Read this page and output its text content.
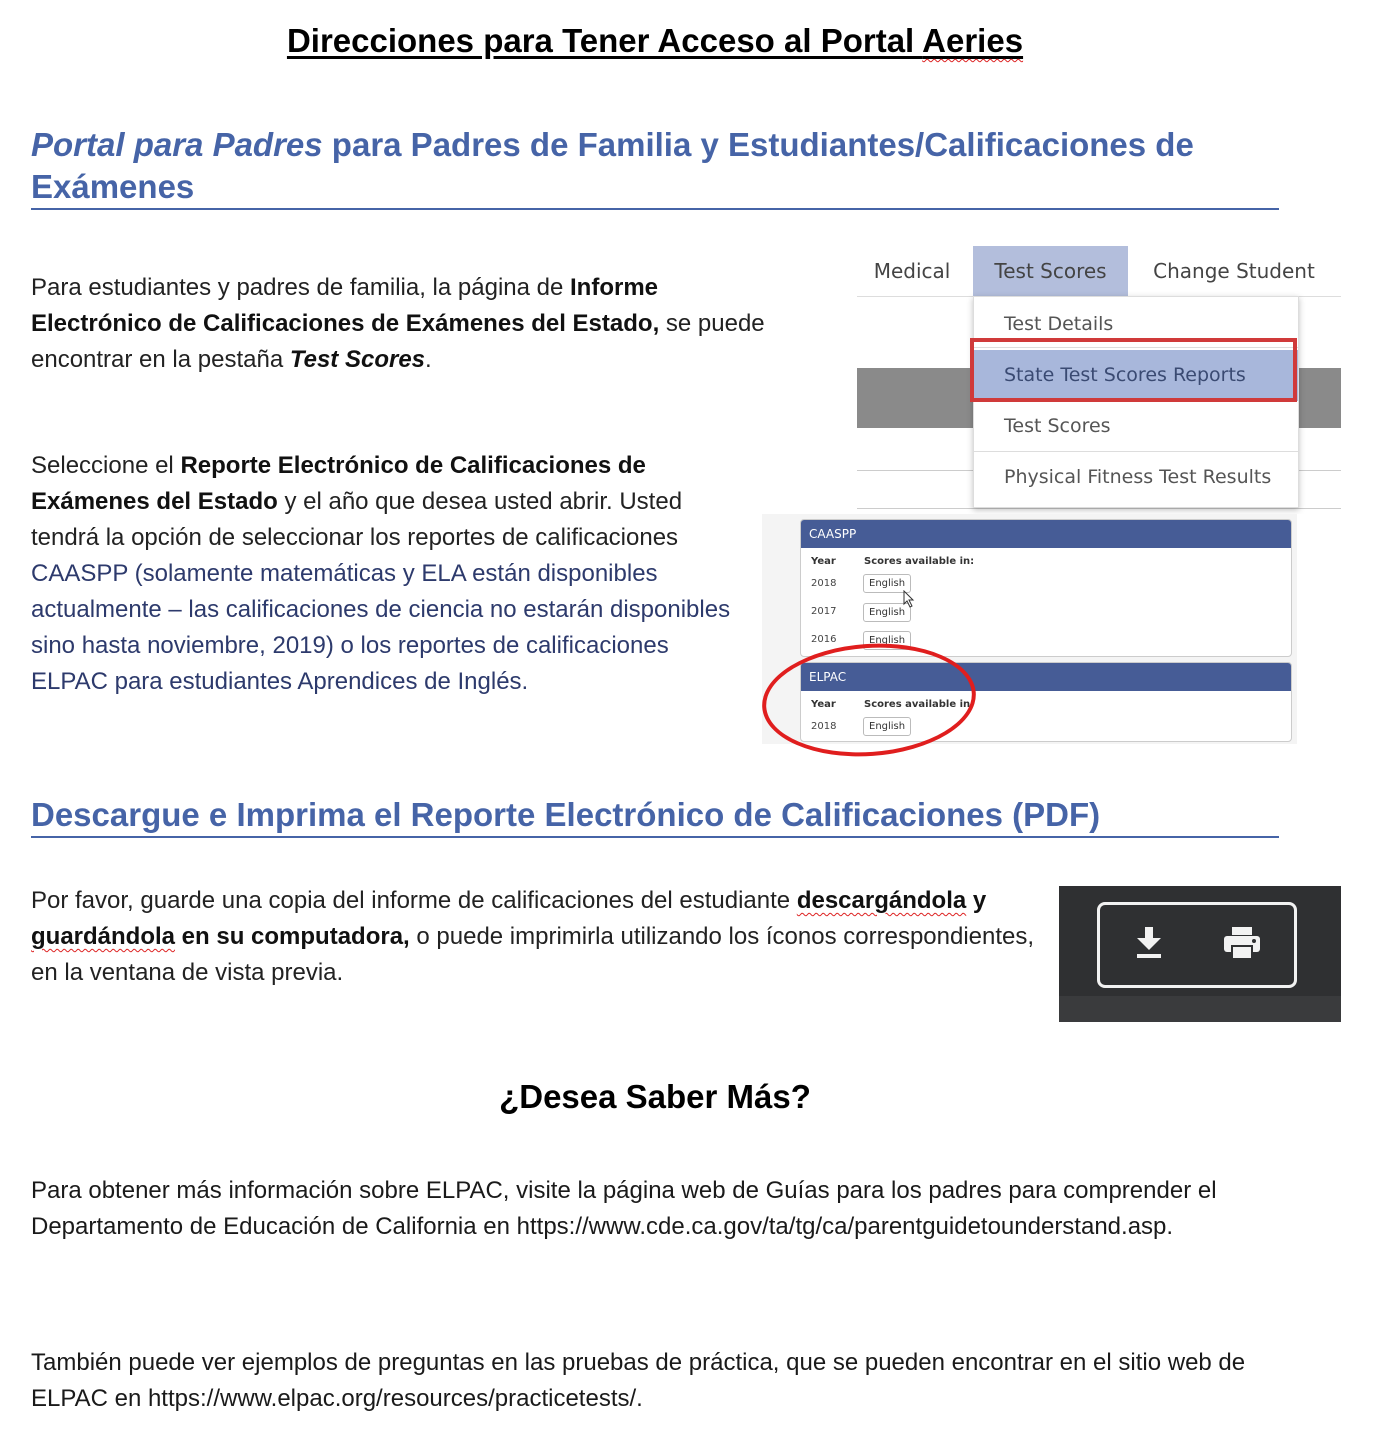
Direcciones para Tener Acceso al Portal Aeries
Portal para Padres para Padres de Familia y Estudiantes/Calificaciones de Exámenes
Para estudiantes y padres de familia, la página de Informe Electrónico de Calificaciones de Exámenes del Estado, se puede encontrar en la pestaña Test Scores.
Seleccione el Reporte Electrónico de Calificaciones de Exámenes del Estado y el año que desea usted abrir. Usted tendrá la opción de seleccionar los reportes de calificaciones CAASPP (solamente matemáticas y ELA están disponibles actualmente – las calificaciones de ciencia no estarán disponibles sino hasta noviembre, 2019) o los reportes de calificaciones ELPAC para estudiantes Aprendices de Inglés.
Medical	Test Scores	Change Student
Test Details
State Test Scores Reports
Test Scores
Physical Fitness Test Results
CAASPP
Year	Scores available in:
2018	English
2017	English
2016	English
ELPAC
Year	Scores available in:
2018	English
Descargue e Imprima el Reporte Electrónico de Calificaciones (PDF)
Por favor, guarde una copia del informe de calificaciones del estudiante descargándola y guardándola en su computadora, o puede imprimirla utilizando los íconos correspondientes, en la ventana de vista previa.
¿Desea Saber Más?
Para obtener más información sobre ELPAC, visite la página web de Guías para los padres para comprender el Departamento de Educación de California en https://www.cde.ca.gov/ta/tg/ca/parentguidetounderstand.asp.
También puede ver ejemplos de preguntas en las pruebas de práctica, que se pueden encontrar en el sitio web de ELPAC en https://www.elpac.org/resources/practicetests/.
